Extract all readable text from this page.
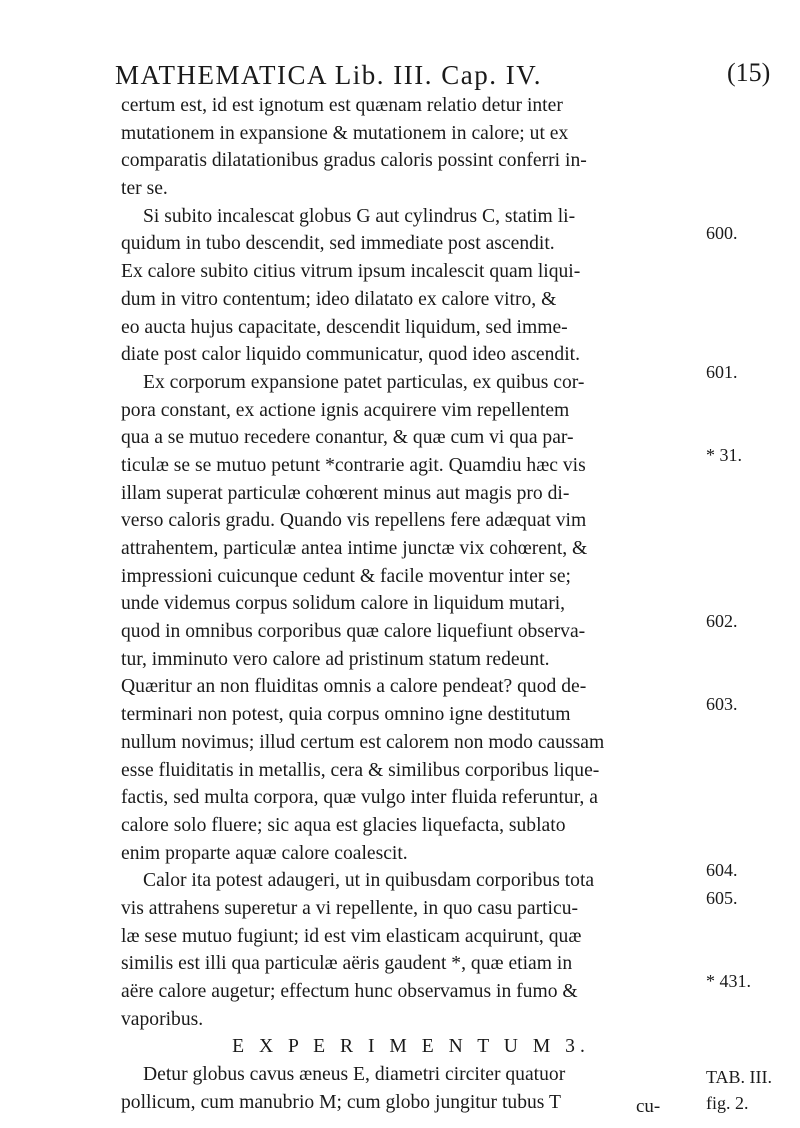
MATHEMATICA Lib. III. Cap. IV.	(15)
certum est, id est ignotum est quænam relatio detur inter
mutationem in expansione & mutationem in calore; ut ex
comparatis dilatationibus gradus caloris possint conferri in-
ter se.
Si subito incalescat globus G aut cylindrus C, statim li-
quidum in tubo descendit, sed immediate post ascendit.
Ex calore subito citius vitrum ipsum incalescit quam liqui-
dum in vitro contentum; ideo dilatato ex calore vitro, &
eo aucta hujus capacitate, descendit liquidum, sed imme-
diate post calor liquido communicatur, quod ideo ascendit.
Ex corporum expansione patet particulas, ex quibus cor-
pora constant, ex actione ignis acquirere vim repellentem
qua a se mutuo recedere conantur, & quæ cum vi qua par-
ticulæ se se mutuo petunt *contrarie agit. Quamdiu hæc vis
illam superat particulæ cohœrent minus aut magis pro di-
verso caloris gradu. Quando vis repellens fere adæquat vim
attrahentem, particulæ antea intime junctæ vix cohœrent, &
impressioni cuicunque cedunt & facile moventur inter se;
unde videmus corpus solidum calore in liquidum mutari,
quod in omnibus corporibus quæ calore liquefiunt observa-
tur, imminuto vero calore ad pristinum statum redeunt.
Quæritur an non fluiditas omnis a calore pendeat? quod de-
terminari non potest, quia corpus omnino igne destitutum
nullum novimus; illud certum est calorem non modo caussam
esse fluiditatis in metallis, cera & similibus corporibus lique-
factis, sed multa corpora, quæ vulgo inter fluida referuntur, a
calore solo fluere; sic aqua est glacies liquefacta, sublato
enim proparte aquæ calore coalescit.
Calor ita potest adaugeri, ut in quibusdam corporibus tota
vis attrahens superetur a vi repellente, in quo casu particu-
læ sese mutuo fugiunt; id est vim elasticam acquirunt, quæ
similis est illi qua particulæ aëris gaudent *, quæ etiam in
aëre calore augetur; effectum hunc observamus in fumo &
vaporibus.
E X P E R I M E N T U M 3.
Detur globus cavus æneus E, diametri circiter quatuor
pollicum, cum manubrio M; cum globo jungitur tubus T
600.
601.
* 31.
602.
603.
604.
605.
* 431.
TAB. III.
fig. 2.
cu-
